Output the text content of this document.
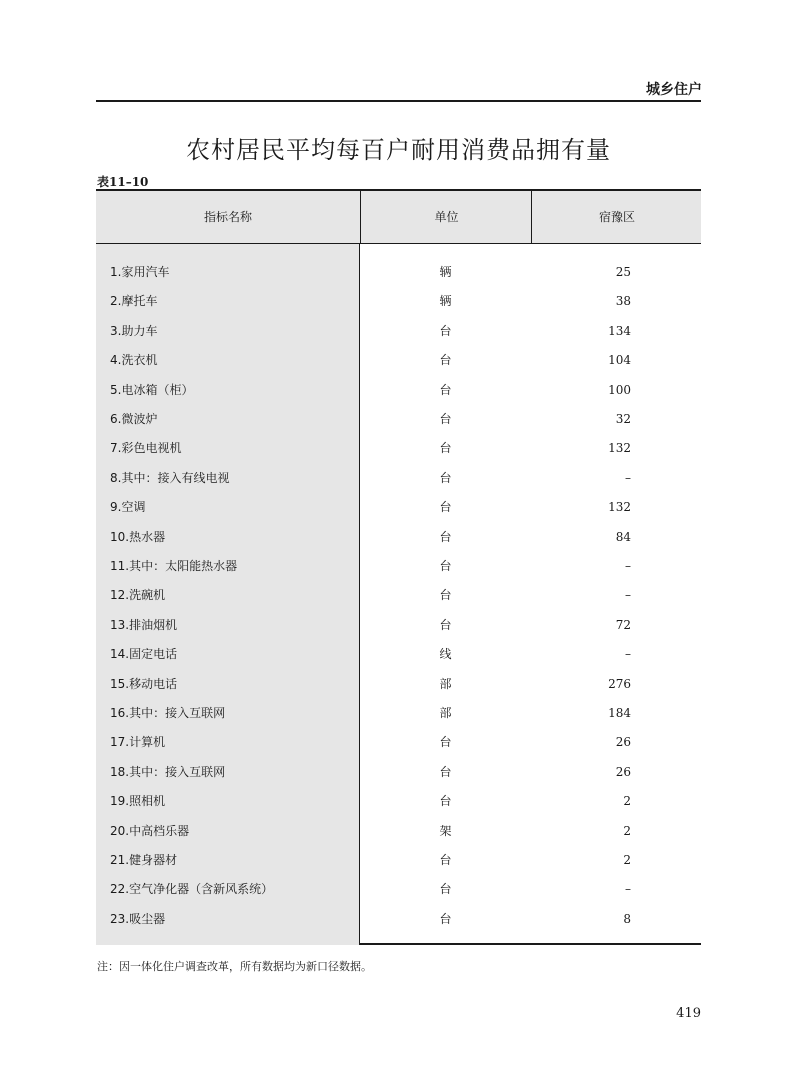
城乡住户
农村居民平均每百户耐用消费品拥有量
表11–10
指标名称	单位	宿豫区
1.家用汽车	辆	25
2.摩托车	辆	38
3.助力车	台	134
4.洗衣机	台	104
5.电冰箱（柜）	台	100
6.微波炉	台	32
7.彩色电视机	台	132
8.其中：接入有线电视	台	–
9.空调	台	132
10.热水器	台	84
11.其中：太阳能热水器	台	–
12.洗碗机	台	–
13.排油烟机	台	72
14.固定电话	线	–
15.移动电话	部	276
16.其中：接入互联网	部	184
17.计算机	台	26
18.其中：接入互联网	台	26
19.照相机	台	2
20.中高档乐器	架	2
21.健身器材	台	2
22.空气净化器（含新风系统）	台	–
23.吸尘器	台	8
注：因一体化住户调查改革，所有数据均为新口径数据。
419
